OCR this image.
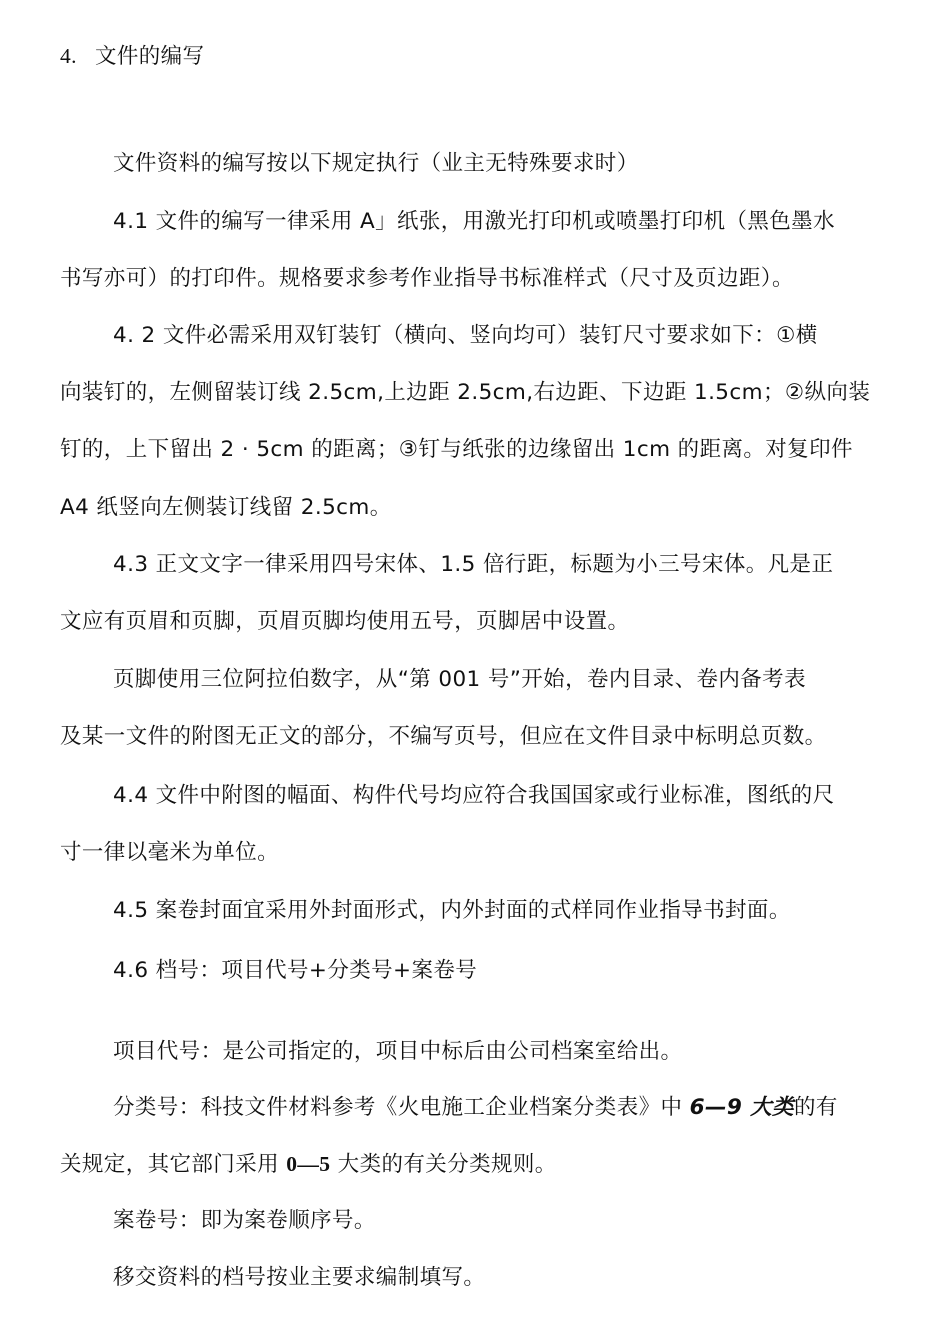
4. 文件的编写
文件资料的编写按以下规定执行（业主无特殊要求时）
4.1 文件的编写一律采用 A」纸张，用激光打印机或喷墨打印机（黑色墨水
书写亦可）的打印件。规格要求参考作业指导书标准样式（尺寸及页边距）。
4. 2 文件必需采用双钉装钉（横向、竖向均可）装钉尺寸要求如下：①横
向装钉的，左侧留装订线 2.5cm,上边距 2.5cm,右边距、下边距 1.5cm；②纵向装
钉的，上下留出 2 · 5cm 的距离；③钉与纸张的边缘留出 1cm 的距离。对复印件
A4 纸竖向左侧装订线留 2.5cm。
4.3 正文文字一律采用四号宋体、1.5 倍行距，标题为小三号宋体。凡是正
文应有页眉和页脚，页眉页脚均使用五号，页脚居中设置。
页脚使用三位阿拉伯数字，从“第 001 号”开始，卷内目录、卷内备考表
及某一文件的附图无正文的部分，不编写页号，但应在文件目录中标明总页数。
4.4 文件中附图的幅面、构件代号均应符合我国国家或行业标准，图纸的尺
寸一律以毫米为单位。
4.5 案卷封面宜采用外封面形式，内外封面的式样同作业指导书封面。
4.6 档号：项目代号+分类号+案卷号
项目代号：是公司指定的，项目中标后由公司档案室给出。
分类号：科技文件材料参考《火电施工企业档案分类表》中 6—9 大类的有
关规定，其它部门采用 0—5 大类的有关分类规则。
案卷号：即为案卷顺序号。
移交资料的档号按业主要求编制填写。
